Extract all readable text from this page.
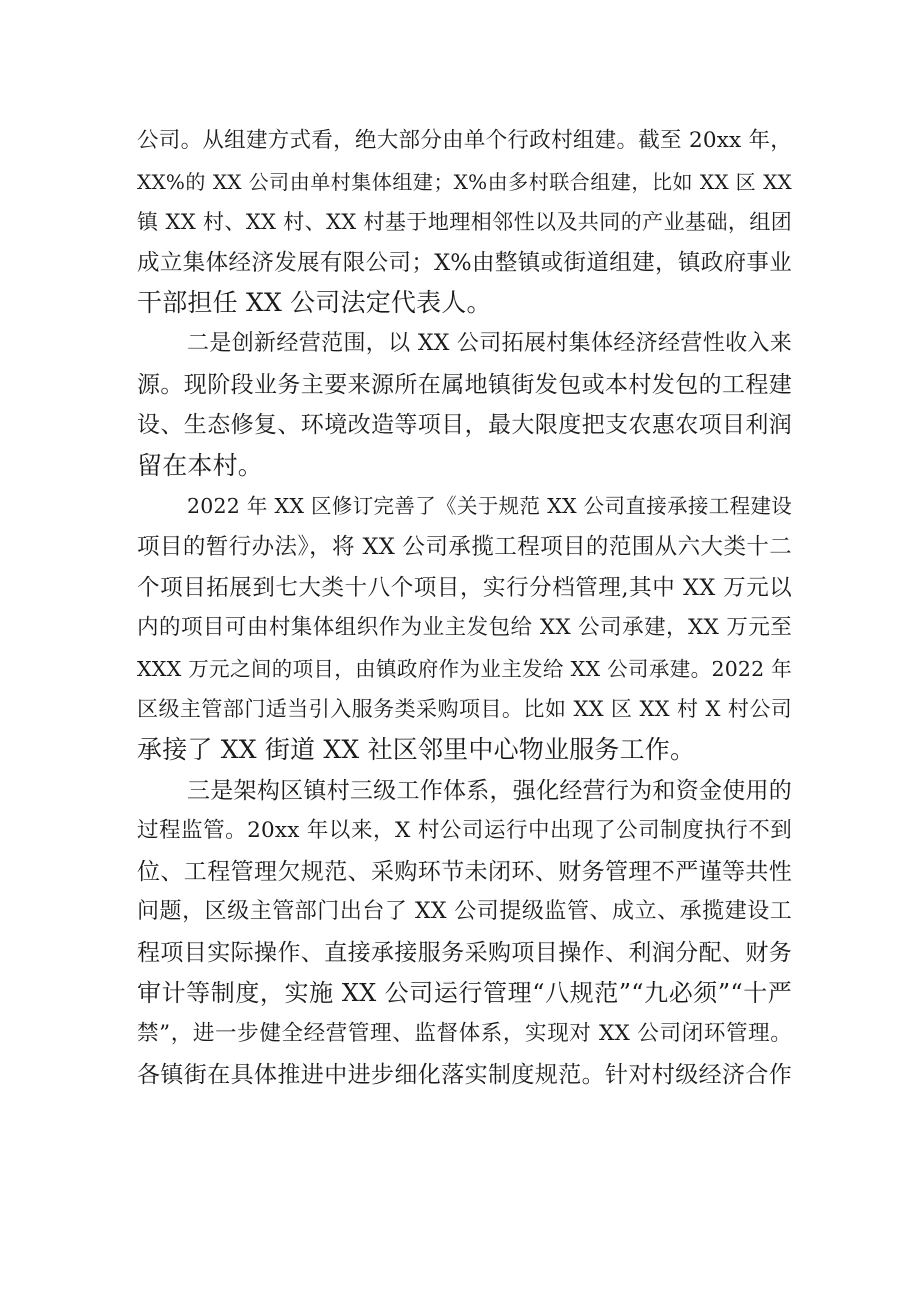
公司。从组建方式看，绝大部分由单个行政村组建。截至 20xx 年，
XX%的 XX 公司由单村集体组建；X%由多村联合组建，比如 XX 区 XX
镇 XX 村、XX 村、XX 村基于地理相邻性以及共同的产业基础，组团
成立集体经济发展有限公司；X%由整镇或街道组建，镇政府事业
干部担任 XX 公司法定代表人。
二是创新经营范围，以 XX 公司拓展村集体经济经营性收入来
源。现阶段业务主要来源所在属地镇街发包或本村发包的工程建
设、生态修复、环境改造等项目，最大限度把支农惠农项目利润
留在本村。
2022 年 XX 区修订完善了《关于规范 XX 公司直接承接工程建设
项目的暂行办法》，将 XX 公司承揽工程项目的范围从六大类十二
个项目拓展到七大类十八个项目，实行分档管理,其中 XX 万元以
内的项目可由村集体组织作为业主发包给 XX 公司承建，XX 万元至
XXX 万元之间的项目，由镇政府作为业主发给 XX 公司承建。2022 年
区级主管部门适当引入服务类采购项目。比如 XX 区 XX 村 X 村公司
承接了 XX 街道 XX 社区邻里中心物业服务工作。
三是架构区镇村三级工作体系，强化经营行为和资金使用的
过程监管。20xx 年以来，X 村公司运行中出现了公司制度执行不到
位、工程管理欠规范、采购环节未闭环、财务管理不严谨等共性
问题，区级主管部门出台了 XX 公司提级监管、成立、承揽建设工
程项目实际操作、直接承接服务采购项目操作、利润分配、财务
审计等制度，实施 XX 公司运行管理“八规范”“九必须”“十严
禁”，进一步健全经营管理、监督体系，实现对 XX 公司闭环管理。
各镇街在具体推进中进步细化落实制度规范。针对村级经济合作
